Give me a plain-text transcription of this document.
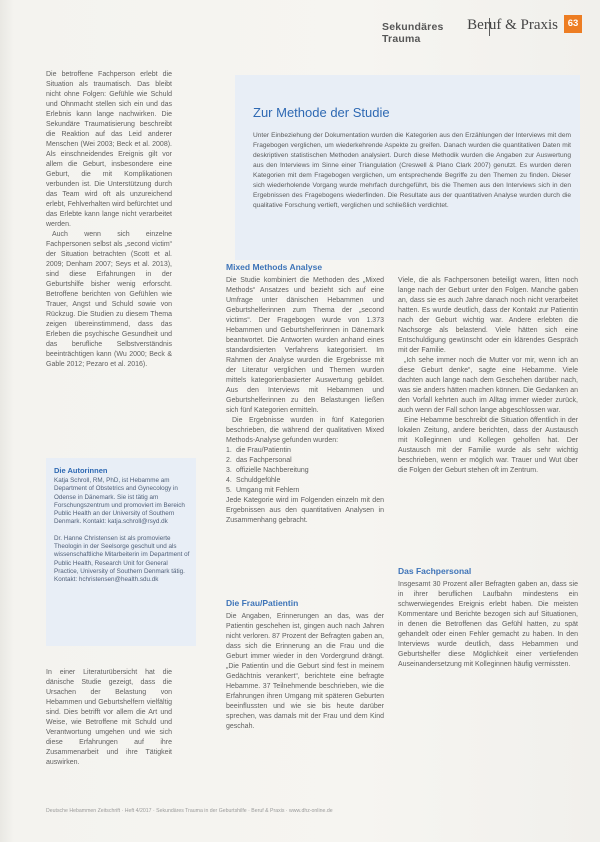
Sekundäres Trauma
Beruf & Praxis	63

Die betroffene Fachperson erlebt die Situation als traumatisch. Das bleibt nicht ohne Folgen: Gefühle wie Schuld und Ohnmacht stellen sich ein und das Erlebnis kann lange nachwirken. Die Sekundäre Traumatisierung beschreibt die Reaktion auf das Leid anderer Menschen (Wei 2003; Beck et al. 2008). Als einschneidendes Ereignis gilt vor allem die Geburt, insbesondere eine Geburt, die mit Komplikationen verbunden ist. Die Unterstützung durch das Team wird oft als unzureichend erlebt, Fehlverhalten wird befürchtet und das Erlebte kann lange nicht verarbeitet werden.

Auch wenn sich einzelne Fachpersonen selbst als „second victim“ der Situation betrachten (Scott et al. 2009; Denham 2007; Seys et al. 2013), sind diese Erfahrungen in der Geburtshilfe bisher wenig erforscht. Betroffene berichten von Gefühlen wie Trauer, Angst und Schuld sowie von Rückzug. Die Studien zu diesem Thema zeigen übereinstimmend, dass das Erleben die psychische Gesundheit und das berufliche Selbstverständnis beeinträchtigen kann (Wu 2000; Beck & Gable 2012; Pezaro et al. 2016).

Die Autorinnen

Katja Schroll, RM, PhD, ist Hebamme am Department of Obstetrics and Gynecology in Odense in Dänemark. Sie ist tätig am Forschungszentrum und promoviert im Bereich Public Health an der University of Southern Denmark. Kontakt: katja.schroll@rsyd.dk

Dr. Hanne Christensen ist als promovierte Theologin in der Seelsorge geschult und als wissenschaftliche Mitarbeiterin im Department of Public Health, Research Unit for General Practice, University of Southern Denmark tätig. Kontakt: hchristensen@health.sdu.dk

In einer Literaturübersicht hat die dänische Studie gezeigt, dass die Ursachen der Belastung von Hebammen und Geburtshelfern vielfältig sind. Dies betrifft vor allem die Art und Weise, wie Betroffene mit Schuld und Verantwortung umgehen und wie sich diese Erfahrungen auf ihre Zusammenarbeit und ihre Tätigkeit auswirken.

Zur Methode der Studie
Unter Einbeziehung der Dokumentation wurden die Kategorien aus den Erzählungen der Interviews mit dem Fragebogen verglichen, um wiederkehrende Aspekte zu greifen. Danach wurden die quantitativen Daten mit deskriptiven statistischen Methoden analysiert. Durch diese Methodik wurden die Angaben zur Auswertung aus den Interviews im Sinne einer Triangulation (Creswell & Plano Clark 2007) genutzt. Es wurden deren Kategorien mit dem Fragebogen verglichen, um entsprechende Begriffe zu den Themen zu finden. Dieser sich wiederholende Vorgang wurde mehrfach durchgeführt, bis die Themen aus den Interviews sich in den Ergebnissen des Fragebogens wiederfinden. Die Resultate aus der quantitativen Analyse wurden durch die qualitative Forschung vertieft, verglichen und schließlich verdichtet.
Mixed Methods Analyse

Die Studie kombiniert die Methoden des „Mixed Methods“ Ansatzes und bezieht sich auf eine Umfrage unter dänischen Hebammen und Geburtshelferinnen zum Thema der „second victims“. Der Fragebogen wurde von 1.373 Hebammen und Geburtshelferinnen in Dänemark beantwortet. Die Antworten wurden anhand eines standardisierten Verfahrens kategorisiert. Im Rahmen der Analyse wurden die Ergebnisse mit der Literatur verglichen und Themen wurden mittels kategorienbasierter Auswertung gebildet. Aus den Interviews mit Hebammen und Geburtshelferinnen zu den Belastungen ließen sich fünf Kategorien ermitteln.

Die Ergebnisse wurden in fünf Kategorien beschrieben, die während der qualitativen Mixed Methods-Analyse gefunden wurden:

die Frau/Patientin
das Fachpersonal
offizielle Nachbereitung
Schuldgefühle
Umgang mit Fehlern

Jede Kategorie wird im Folgenden einzeln mit den Ergebnissen aus den quantitativen Analysen in Zusammenhang gebracht.

Die Frau/Patientin

Die Angaben, Erinnerungen an das, was der Patientin geschehen ist, gingen auch nach Jahren nicht verloren. 87 Prozent der Befragten gaben an, dass sich die Erinnerung an die Frau und die Geburt immer wieder in den Vordergrund drängt. „Die Patientin und die Geburt sind fest in meinem Gedächtnis verankert“, berichtete eine befragte Hebamme. 37 Teilnehmende beschrieben, wie die Erfahrungen ihren Umgang mit späteren Geburten beeinflussten und wie sie bis heute darüber sprechen, was damals mit der Frau und dem Kind geschah.

Viele, die als Fachpersonen beteiligt waren, litten noch lange nach der Geburt unter den Folgen. Manche gaben an, dass sie es auch Jahre danach noch nicht verarbeitet hatten. Es wurde deutlich, dass der Kontakt zur Patientin nach der Geburt wichtig war. Andere erlebten die Nachsorge als belastend. Viele hätten sich eine Entschuldigung gewünscht oder ein klärendes Gespräch mit der Familie.

„Ich sehe immer noch die Mutter vor mir, wenn ich an diese Geburt denke“, sagte eine Hebamme. Viele dachten auch lange nach dem Geschehen darüber nach, was sie anders hätten machen können. Die Gedanken an den Vorfall kehrten auch im Alltag immer wieder zurück, auch wenn der Fall schon lange abgeschlossen war.

Eine Hebamme beschreibt die Situation öffentlich in der lokalen Zeitung, andere berichten, dass der Austausch mit Kolleginnen und Kollegen geholfen hat. Der Austausch mit der Familie wurde als sehr wichtig beschrieben, wenn er möglich war. Trauer und Wut über die Folgen der Geburt stehen oft im Zentrum.

Das Fachpersonal

Insgesamt 30 Prozent aller Befragten gaben an, dass sie in ihrer beruflichen Laufbahn mindestens ein schwerwiegendes Ereignis erlebt haben. Die meisten Kommentare und Berichte bezogen sich auf Situationen, in denen die Betroffenen das Gefühl hatten, zu spät gehandelt oder einen Fehler gemacht zu haben. In den Interviews wurde deutlich, dass Hebammen und Geburtshelfer diese Möglichkeit einer vertiefenden Auseinandersetzung mit Kolleginnen häufig vermissten.

Deutsche Hebammen Zeitschrift · Heft 4/2017 · Sekundäres Trauma in der Geburtshilfe · Beruf & Praxis · www.dhz-online.de
